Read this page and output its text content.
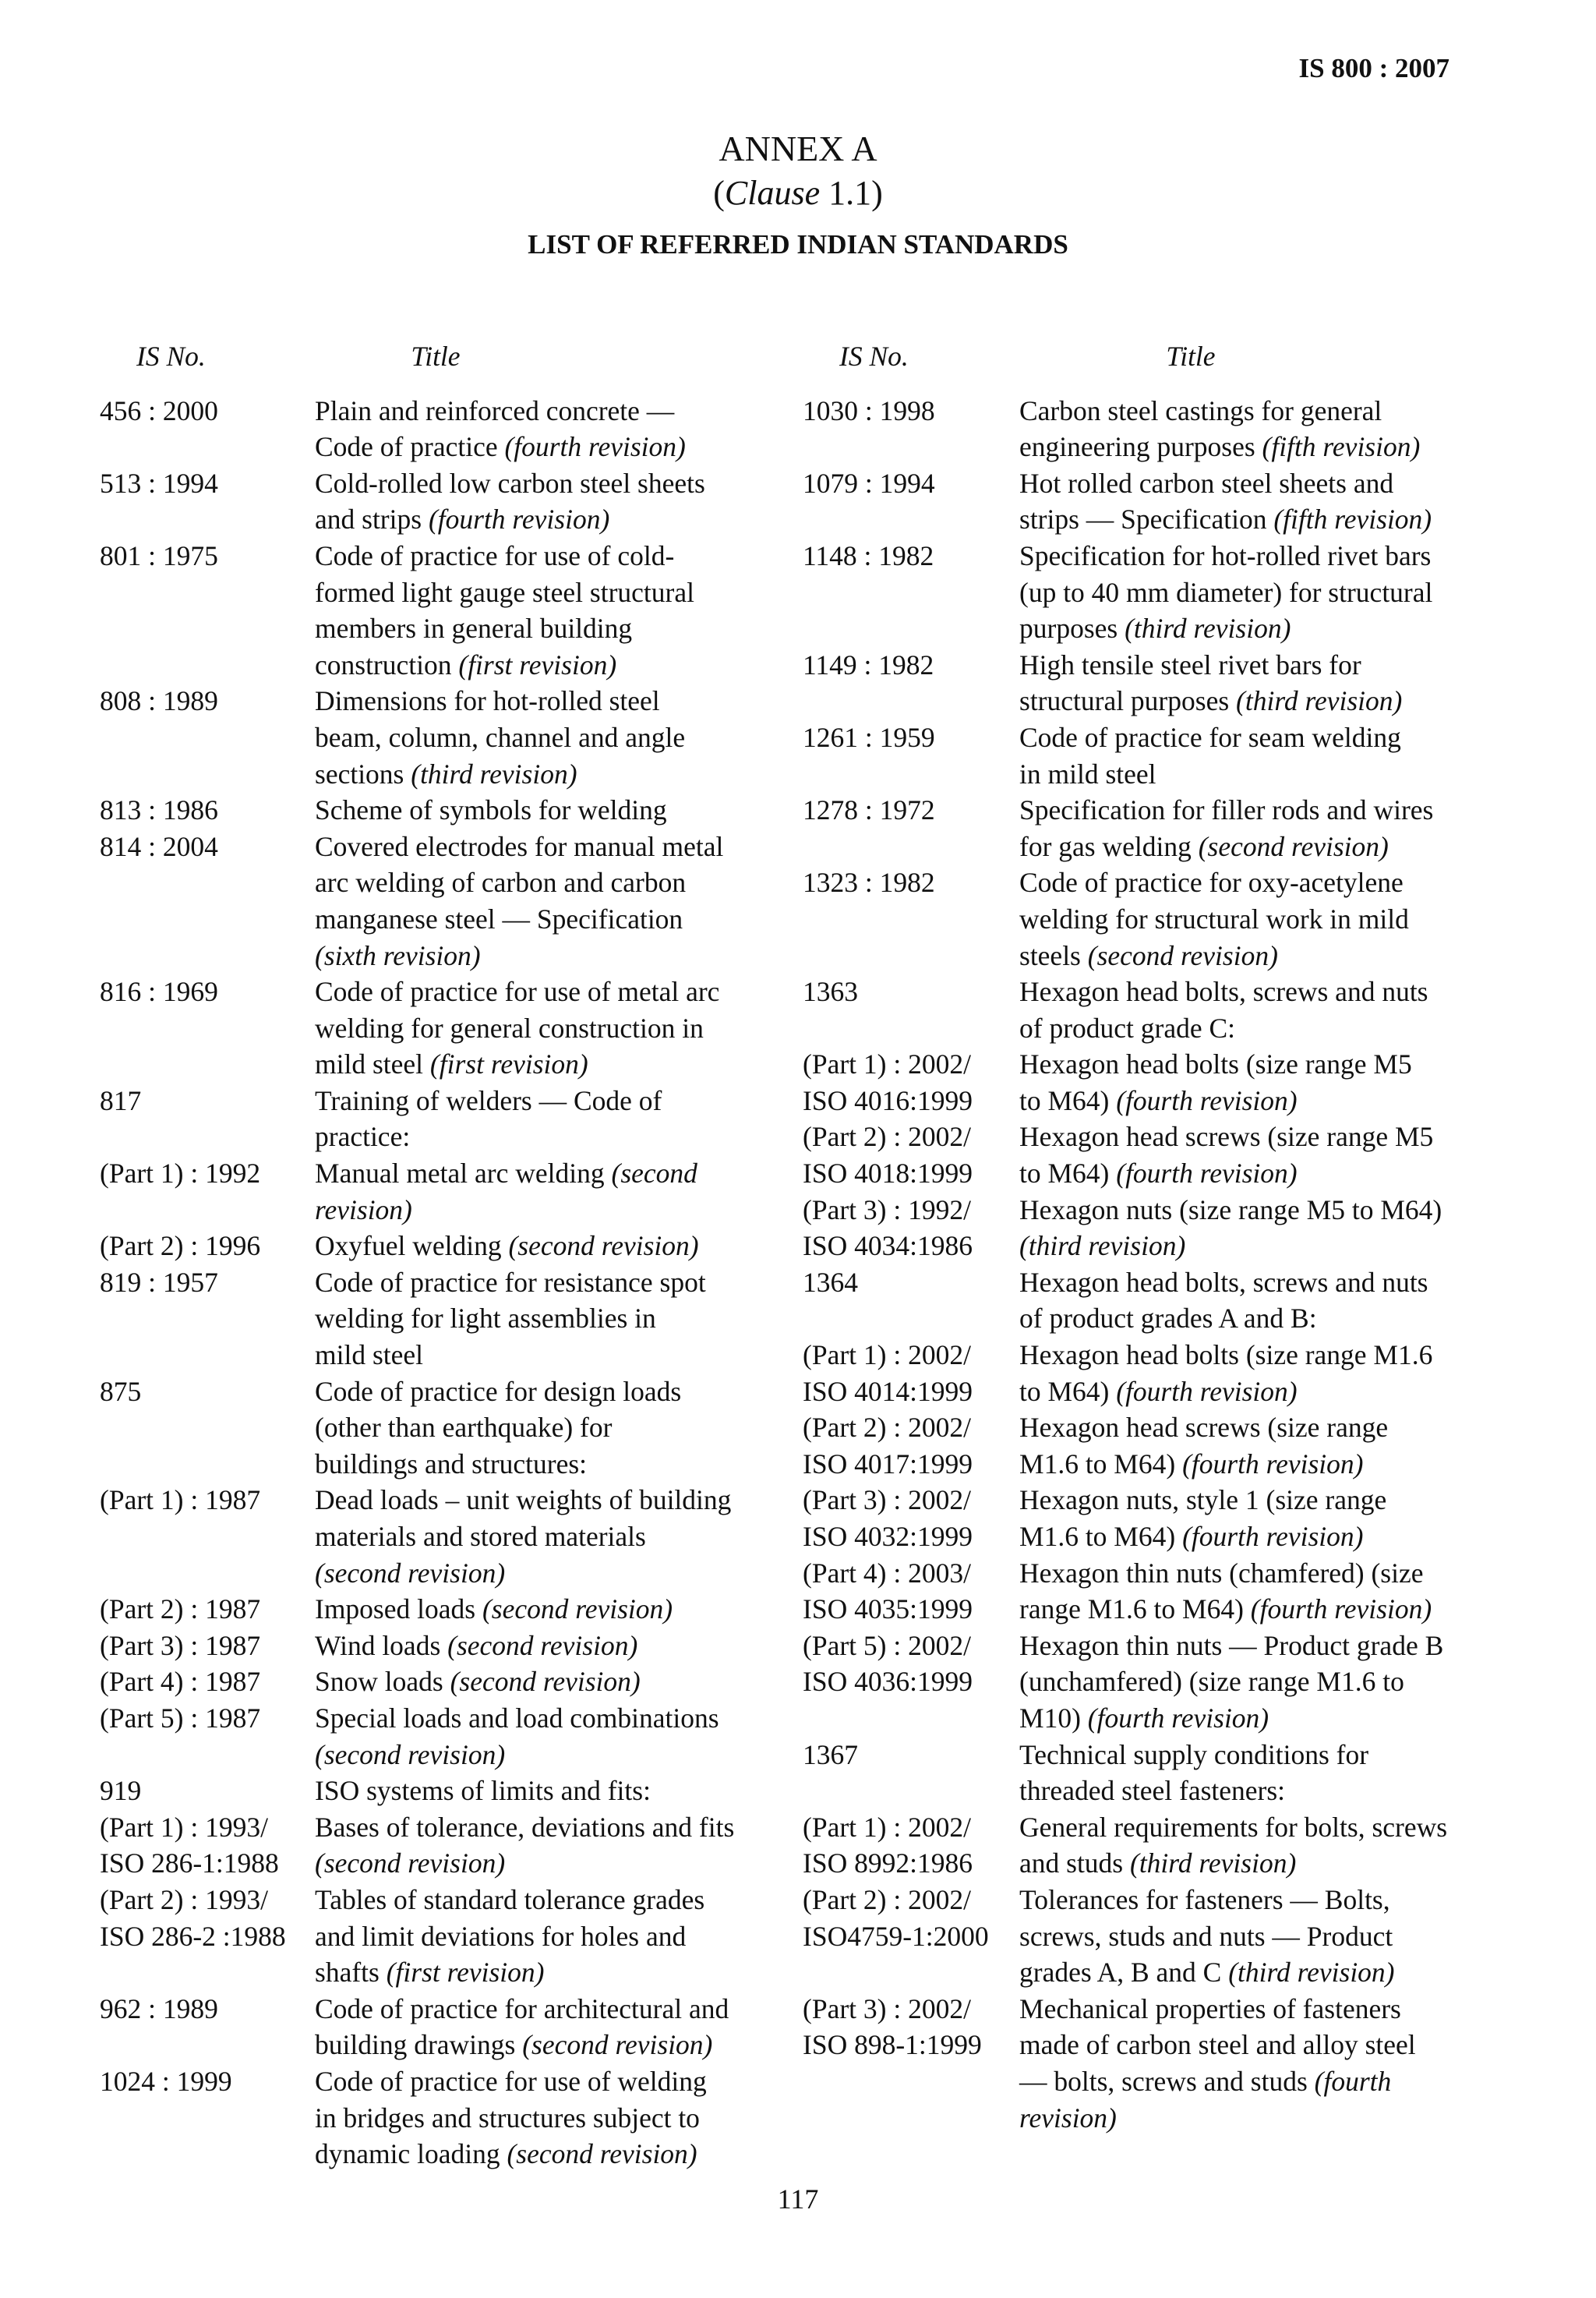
IS 800 : 2007
ANNEX A
(Clause 1.1)
LIST OF REFERRED INDIAN STANDARDS
IS No.	Title
456 : 2000	Plain and reinforced concrete —
Code of practice (fourth revision)
513 : 1994	Cold-rolled low carbon steel sheets
and strips (fourth revision)
801 : 1975	Code of practice for use of cold-
formed light gauge steel structural
members in general building
construction (first revision)
808 : 1989	Dimensions for hot-rolled steel
beam, column, channel and angle
sections (third revision)
813 : 1986	Scheme of symbols for welding
814 : 2004	Covered electrodes for manual metal
arc welding of carbon and carbon
manganese steel — Specification
(sixth revision)
816 : 1969	Code of practice for use of metal arc
welding for general construction in
mild steel (first revision)
817	Training of welders — Code of
practice:
(Part 1) : 1992	Manual metal arc welding (second
revision)
(Part 2) : 1996	Oxyfuel welding (second revision)
819 : 1957	Code of practice for resistance spot
welding for light assemblies in
mild steel
875	Code of practice for design loads
(other than earthquake) for
buildings and structures:
(Part 1) : 1987	Dead loads – unit weights of building
materials and stored materials
(second revision)
(Part 2) : 1987	Imposed loads (second revision)
(Part 3) : 1987	Wind loads (second revision)
(Part 4) : 1987	Snow loads (second revision)
(Part 5) : 1987	Special loads and load combinations
(second revision)
919	ISO systems of limits and fits:
(Part 1) : 1993/	Bases of tolerance, deviations and fits
ISO 286-1:1988	(second revision)
(Part 2) : 1993/	Tables of standard tolerance grades
ISO 286-2 :1988	and limit deviations for holes and
shafts (first revision)
962 : 1989	Code of practice for architectural and
building drawings (second revision)
1024 : 1999	Code of practice for use of welding
in bridges and structures subject to
dynamic loading (second revision)
IS No.	Title
1030 : 1998	Carbon steel castings for general
engineering purposes (fifth revision)
1079 : 1994	Hot rolled carbon steel sheets and
strips — Specification (fifth revision)
1148 : 1982	Specification for hot-rolled rivet bars
(up to 40 mm diameter) for structural
purposes (third revision)
1149 : 1982	High tensile steel rivet bars for
structural purposes (third revision)
1261 : 1959	Code of practice for seam welding
in mild steel
1278 : 1972	Specification for filler rods and wires
for gas welding (second revision)
1323 : 1982	Code of practice for oxy-acetylene
welding for structural work in mild
steels (second revision)
1363	Hexagon head bolts, screws and nuts
of product grade C:
(Part 1) : 2002/	Hexagon head bolts (size range M5
ISO 4016:1999	to M64) (fourth revision)
(Part 2) : 2002/	Hexagon head screws (size range M5
ISO 4018:1999	to M64) (fourth revision)
(Part 3) : 1992/	Hexagon nuts (size range M5 to M64)
ISO 4034:1986	(third revision)
1364	Hexagon head bolts, screws and nuts
of product grades A and B:
(Part 1) : 2002/	Hexagon head bolts (size range M1.6
ISO 4014:1999	to M64) (fourth revision)
(Part 2) : 2002/	Hexagon head screws (size range
ISO 4017:1999	M1.6 to M64) (fourth revision)
(Part 3) : 2002/	Hexagon nuts, style 1 (size range
ISO 4032:1999	M1.6 to M64) (fourth revision)
(Part 4) : 2003/	Hexagon thin nuts (chamfered) (size
ISO 4035:1999	range M1.6 to M64) (fourth revision)
(Part 5) : 2002/	Hexagon thin nuts — Product grade B
ISO 4036:1999	(unchamfered) (size range M1.6 to
M10) (fourth revision)
1367	Technical supply conditions for
threaded steel fasteners:
(Part 1) : 2002/	General requirements for bolts, screws
ISO 8992:1986	and studs (third revision)
(Part 2) : 2002/	Tolerances for fasteners — Bolts,
ISO4759-1:2000	screws, studs and nuts — Product
grades A, B and C (third revision)
(Part 3) : 2002/	Mechanical properties of fasteners
ISO 898-1:1999	made of carbon steel and alloy steel
— bolts, screws and studs (fourth
revision)
117
